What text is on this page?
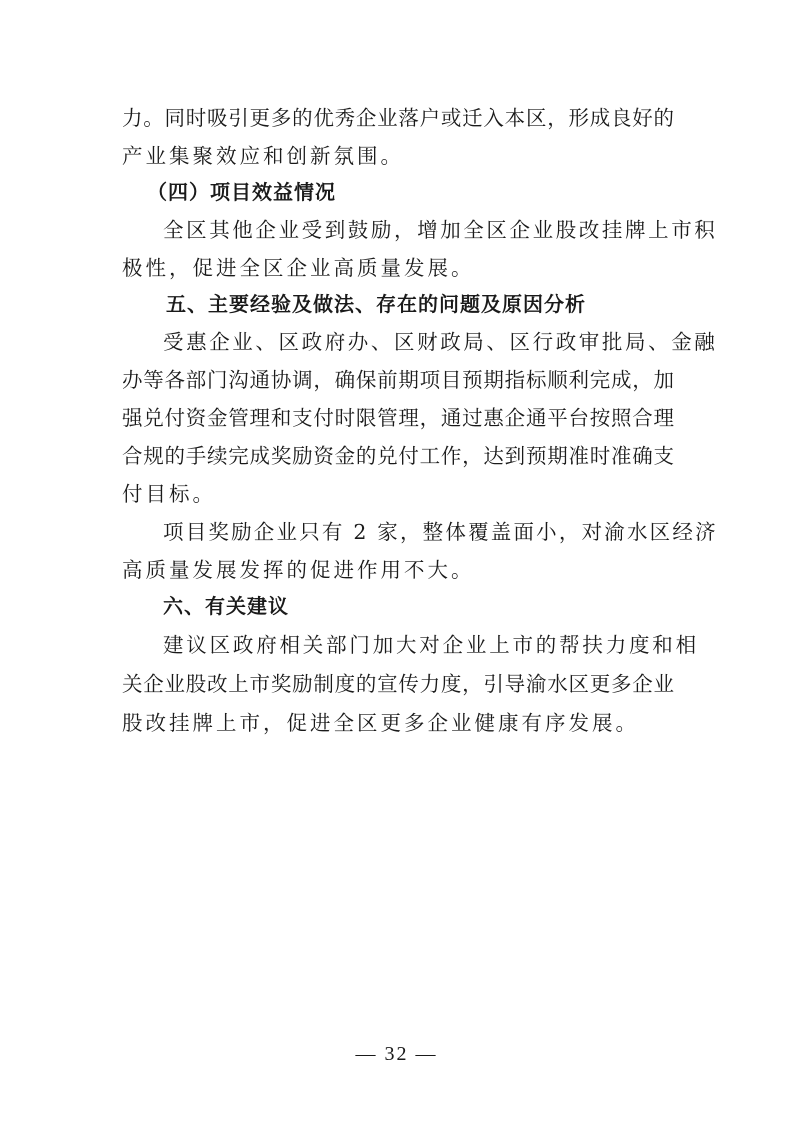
力。同时吸引更多的优秀企业落户或迁入本区，形成良好的
产业集聚效应和创新氛围。
（四）项目效益情况
全区其他企业受到鼓励，增加全区企业股改挂牌上市积
极性，促进全区企业高质量发展。
五、主要经验及做法、存在的问题及原因分析
受惠企业、区政府办、区财政局、区行政审批局、金融
办等各部门沟通协调，确保前期项目预期指标顺利完成，加
强兑付资金管理和支付时限管理，通过惠企通平台按照合理
合规的手续完成奖励资金的兑付工作，达到预期准时准确支
付目标。
项目奖励企业只有 2 家，整体覆盖面小，对渝水区经济
高质量发展发挥的促进作用不大。
六、有关建议
建议区政府相关部门加大对企业上市的帮扶力度和相
关企业股改上市奖励制度的宣传力度，引导渝水区更多企业
股改挂牌上市，促进全区更多企业健康有序发展。
— 32 —
